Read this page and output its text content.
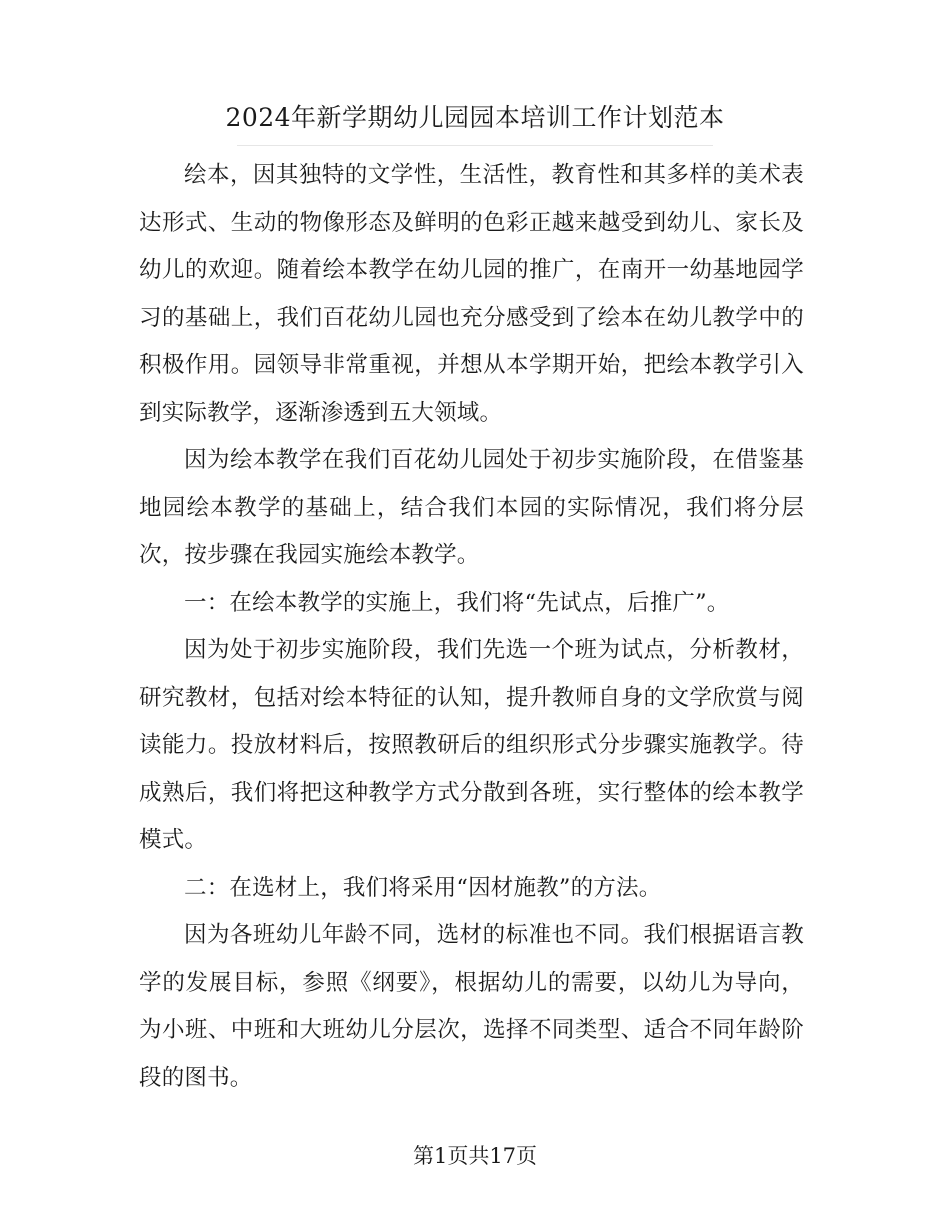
2024年新学期幼儿园园本培训工作计划范本

绘本，因其独特的文学性，生活性，教育性和其多样的美术表达形式、生动的物像形态及鲜明的色彩正越来越受到幼儿、家长及幼儿的欢迎。随着绘本教学在幼儿园的推广，在南开一幼基地园学习的基础上，我们百花幼儿园也充分感受到了绘本在幼儿教学中的积极作用。园领导非常重视，并想从本学期开始，把绘本教学引入到实际教学，逐渐渗透到五大领域。

因为绘本教学在我们百花幼儿园处于初步实施阶段，在借鉴基地园绘本教学的基础上，结合我们本园的实际情况，我们将分层次，按步骤在我园实施绘本教学。

一：在绘本教学的实施上，我们将“先试点，后推广”。

因为处于初步实施阶段，我们先选一个班为试点，分析教材，研究教材，包括对绘本特征的认知，提升教师自身的文学欣赏与阅读能力。投放材料后，按照教研后的组织形式分步骤实施教学。待成熟后，我们将把这种教学方式分散到各班，实行整体的绘本教学模式。

二：在选材上，我们将采用“因材施教”的方法。

因为各班幼儿年龄不同，选材的标准也不同。我们根据语言教学的发展目标，参照《纲要》，根据幼儿的需要，以幼儿为导向，为小班、中班和大班幼儿分层次，选择不同类型、适合不同年龄阶段的图书。

第1页共17页
